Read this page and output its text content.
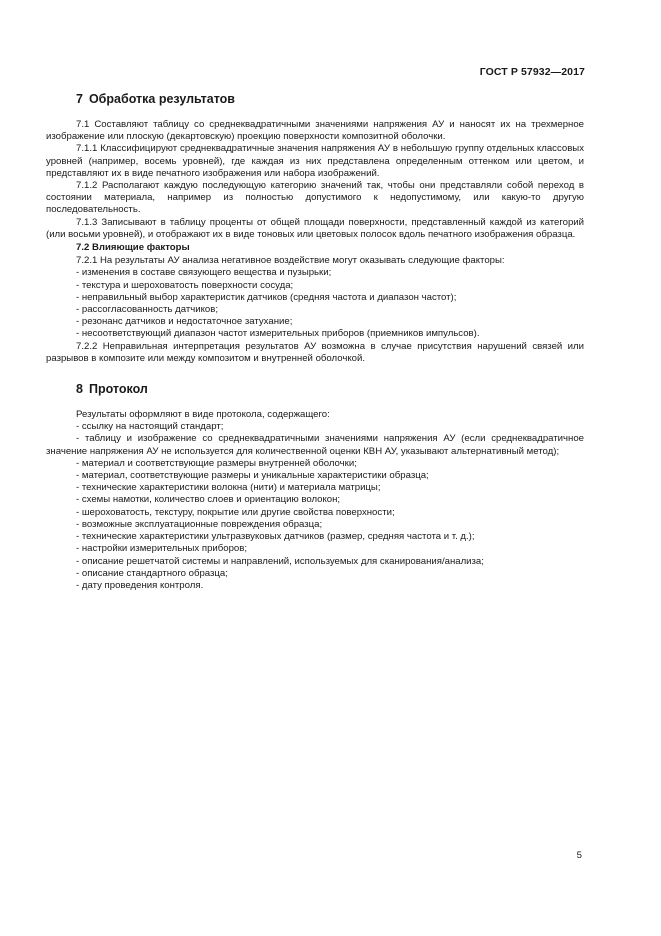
ГОСТ Р 57932—2017
7 Обработка результатов

7.1 Составляют таблицу со среднеквадратичными значениями напряжения АУ и наносят их на трехмерное изображение или плоскую (декартовскую) проекцию поверхности композитной оболочки.

7.1.1 Классифицируют среднеквадратичные значения напряжения АУ в небольшую группу отдельных классовых уровней (например, восемь уровней), где каждая из них представлена определенным оттенком или цветом, и представляют их в виде печатного изображения или набора изображений.

7.1.2 Располагают каждую последующую категорию значений так, чтобы они представляли собой переход в состоянии материала, например из полностью допустимого к недопустимому, или какую-то другую последовательность.

7.1.3 Записывают в таблицу проценты от общей площади поверхности, представленный каждой из категорий (или восьми уровней), и отображают их в виде тоновых или цветовых полосок вдоль печатного изображения образца.

7.2 Влияющие факторы

7.2.1 На результаты АУ анализа негативное воздействие могут оказывать следующие факторы:

- изменения в составе связующего вещества и пузырьки;
- текстура и шероховатость поверхности сосуда;
- неправильный выбор характеристик датчиков (средняя частота и диапазон частот);
- рассогласованность датчиков;
- резонанс датчиков и недостаточное затухание;
- несоответствующий диапазон частот измерительных приборов (приемников импульсов).

7.2.2 Неправильная интерпретация результатов АУ возможна в случае присутствия нарушений связей или разрывов в композите или между композитом и внутренней оболочкой.

8 Протокол

Результаты оформляют в виде протокола, содержащего:

- ссылку на настоящий стандарт;
- таблицу и изображение со среднеквадратичными значениями напряжения АУ (если среднеквадратичное значение напряжения АУ не используется для количественной оценки КВН АУ, указывают альтернативный метод);
- материал и соответствующие размеры внутренней оболочки;
- материал, соответствующие размеры и уникальные характеристики образца;
- технические характеристики волокна (нити) и материала матрицы;
- схемы намотки, количество слоев и ориентацию волокон;
- шероховатость, текстуру, покрытие или другие свойства поверхности;
- возможные эксплуатационные повреждения образца;
- технические характеристики ультразвуковых датчиков (размер, средняя частота и т. д.);
- настройки измерительных приборов;
- описание решетчатой системы и направлений, используемых для сканирования/анализа;
- описание стандартного образца;
- дату проведения контроля.
5
